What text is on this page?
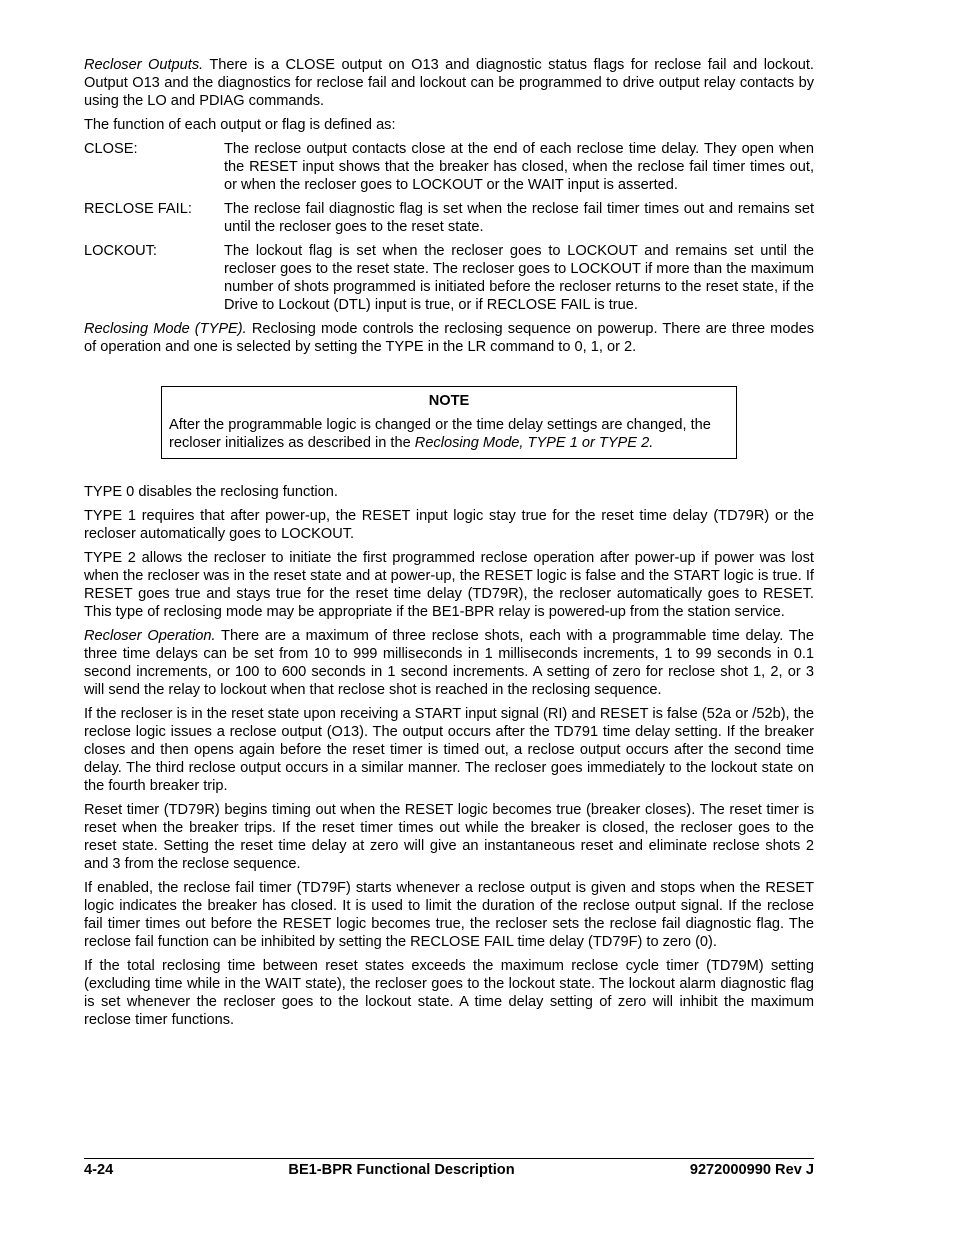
Recloser Outputs. There is a CLOSE output on O13 and diagnostic status flags for reclose fail and lockout. Output O13 and the diagnostics for reclose fail and lockout can be programmed to drive output relay contacts by using the LO and PDIAG commands.

The function of each output or flag is defined as:

CLOSE:	The reclose output contacts close at the end of each reclose time delay. They open when the RESET input shows that the breaker has closed, when the reclose fail timer times out, or when the recloser goes to LOCKOUT or the WAIT input is asserted.
RECLOSE FAIL:	The reclose fail diagnostic flag is set when the reclose fail timer times out and remains set until the recloser goes to the reset state.
LOCKOUT:	The lockout flag is set when the recloser goes to LOCKOUT and remains set until the recloser goes to the reset state. The recloser goes to LOCKOUT if more than the maximum number of shots programmed is initiated before the recloser returns to the reset state, if the Drive to Lockout (DTL) input is true, or if RECLOSE FAIL is true.

Reclosing Mode (TYPE). Reclosing mode controls the reclosing sequence on powerup. There are three modes of operation and one is selected by setting the TYPE in the LR command to 0, 1, or 2.

NOTE
After the programmable logic is changed or the time delay settings are changed, the recloser initializes as described in the Reclosing Mode, TYPE 1 or TYPE 2.

TYPE 0 disables the reclosing function.

TYPE 1 requires that after power-up, the RESET input logic stay true for the reset time delay (TD79R) or the recloser automatically goes to LOCKOUT.

TYPE 2 allows the recloser to initiate the first programmed reclose operation after power-up if power was lost when the recloser was in the reset state and at power-up, the RESET logic is false and the START logic is true. If RESET goes true and stays true for the reset time delay (TD79R), the recloser automatically goes to RESET. This type of reclosing mode may be appropriate if the BE1-BPR relay is powered-up from the station service.

Recloser Operation. There are a maximum of three reclose shots, each with a programmable time delay. The three time delays can be set from 10 to 999 milliseconds in 1 milliseconds increments, 1 to 99 seconds in 0.1 second increments, or 100 to 600 seconds in 1 second increments. A setting of zero for reclose shot 1, 2, or 3 will send the relay to lockout when that reclose shot is reached in the reclosing sequence.

If the recloser is in the reset state upon receiving a START input signal (RI) and RESET is false (52a or /52b), the reclose logic issues a reclose output (O13). The output occurs after the TD791 time delay setting. If the breaker closes and then opens again before the reset timer is timed out, a reclose output occurs after the second time delay. The third reclose output occurs in a similar manner. The recloser goes immediately to the lockout state on the fourth breaker trip.

Reset timer (TD79R) begins timing out when the RESET logic becomes true (breaker closes). The reset timer is reset when the breaker trips. If the reset timer times out while the breaker is closed, the recloser goes to the reset state. Setting the reset time delay at zero will give an instantaneous reset and eliminate reclose shots 2 and 3 from the reclose sequence.

If enabled, the reclose fail timer (TD79F) starts whenever a reclose output is given and stops when the RESET logic indicates the breaker has closed. It is used to limit the duration of the reclose output signal. If the reclose fail timer times out before the RESET logic becomes true, the recloser sets the reclose fail diagnostic flag. The reclose fail function can be inhibited by setting the RECLOSE FAIL time delay (TD79F) to zero (0).

If the total reclosing time between reset states exceeds the maximum reclose cycle timer (TD79M) setting (excluding time while in the WAIT state), the recloser goes to the lockout state. The lockout alarm diagnostic flag is set whenever the recloser goes to the lockout state. A time delay setting of zero will inhibit the maximum reclose timer functions.

4-24	BE1-BPR Functional Description	9272000990 Rev J
